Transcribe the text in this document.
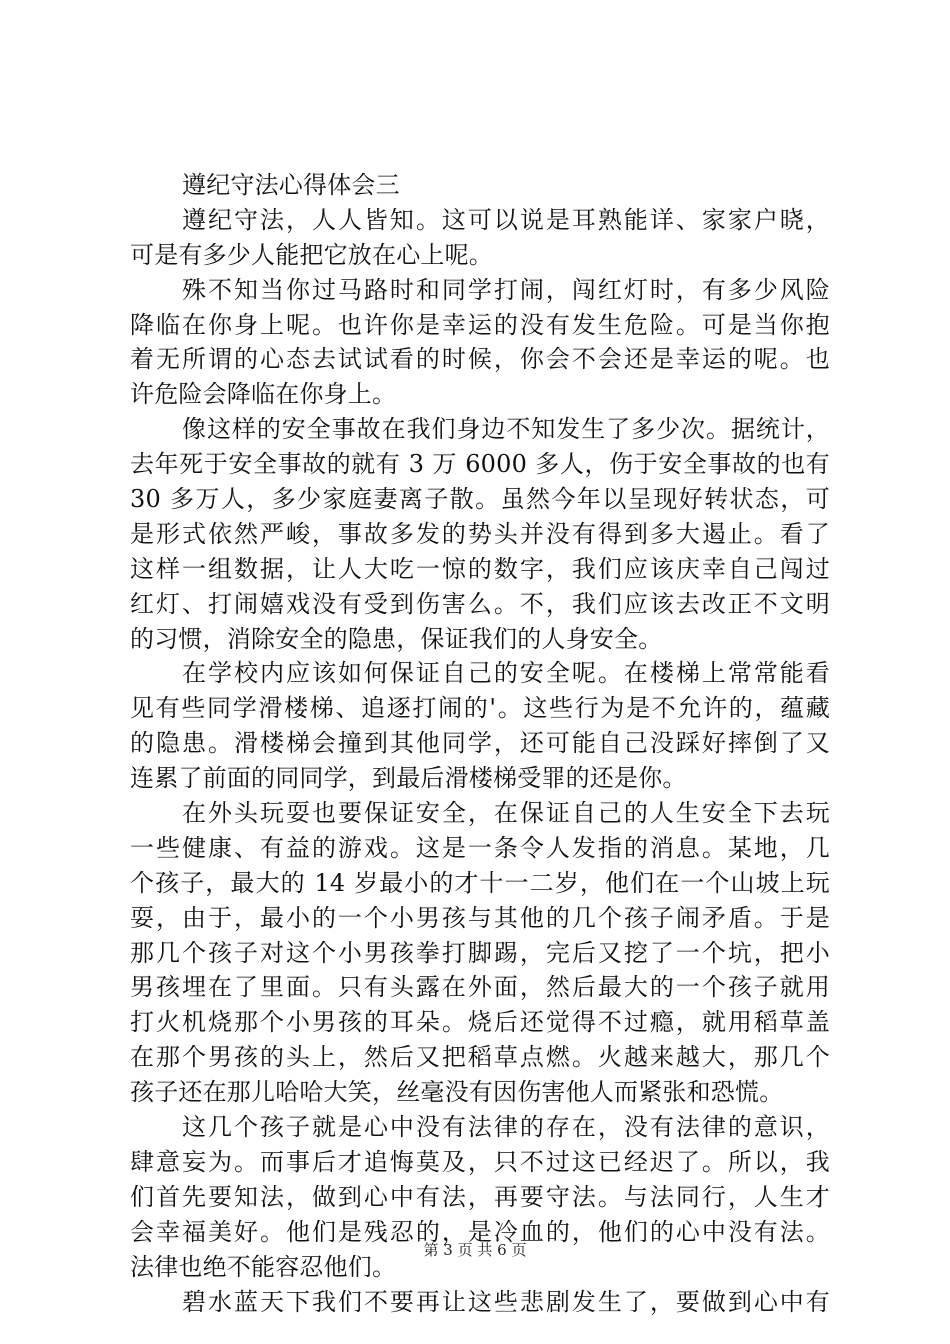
遵纪守法心得体会三
遵纪守法，人人皆知。这可以说是耳熟能详、家家户晓，
可是有多少人能把它放在心上呢。
殊不知当你过马路时和同学打闹，闯红灯时，有多少风险
降临在你身上呢。也许你是幸运的没有发生危险。可是当你抱
着无所谓的心态去试试看的时候，你会不会还是幸运的呢。也
许危险会降临在你身上。
像这样的安全事故在我们身边不知发生了多少次。据统计，
去年死于安全事故的就有 3 万 6000 多人，伤于安全事故的也有
30 多万人，多少家庭妻离子散。虽然今年以呈现好转状态，可
是形式依然严峻，事故多发的势头并没有得到多大遏止。看了
这样一组数据，让人大吃一惊的数字，我们应该庆幸自己闯过
红灯、打闹嬉戏没有受到伤害么。不，我们应该去改正不文明
的习惯，消除安全的隐患，保证我们的人身安全。
在学校内应该如何保证自己的安全呢。在楼梯上常常能看
见有些同学滑楼梯、追逐打闹的'。这些行为是不允许的，蕴藏
的隐患。滑楼梯会撞到其他同学，还可能自己没踩好摔倒了又
连累了前面的同同学，到最后滑楼梯受罪的还是你。
在外头玩耍也要保证安全，在保证自己的人生安全下去玩
一些健康、有益的游戏。这是一条令人发指的消息。某地，几
个孩子，最大的 14 岁最小的才十一二岁，他们在一个山坡上玩
耍，由于，最小的一个小男孩与其他的几个孩子闹矛盾。于是
那几个孩子对这个小男孩拳打脚踢，完后又挖了一个坑，把小
男孩埋在了里面。只有头露在外面，然后最大的一个孩子就用
打火机烧那个小男孩的耳朵。烧后还觉得不过瘾，就用稻草盖
在那个男孩的头上，然后又把稻草点燃。火越来越大，那几个
孩子还在那儿哈哈大笑，丝毫没有因伤害他人而紧张和恐慌。
这几个孩子就是心中没有法律的存在，没有法律的意识，
肆意妄为。而事后才追悔莫及，只不过这已经迟了。所以，我
们首先要知法，做到心中有法，再要守法。与法同行，人生才
会幸福美好。他们是残忍的，是冷血的，他们的心中没有法。
法律也绝不能容忍他们。
碧水蓝天下我们不要再让这些悲剧发生了，要做到心中有
第 3 页 共 6 页
